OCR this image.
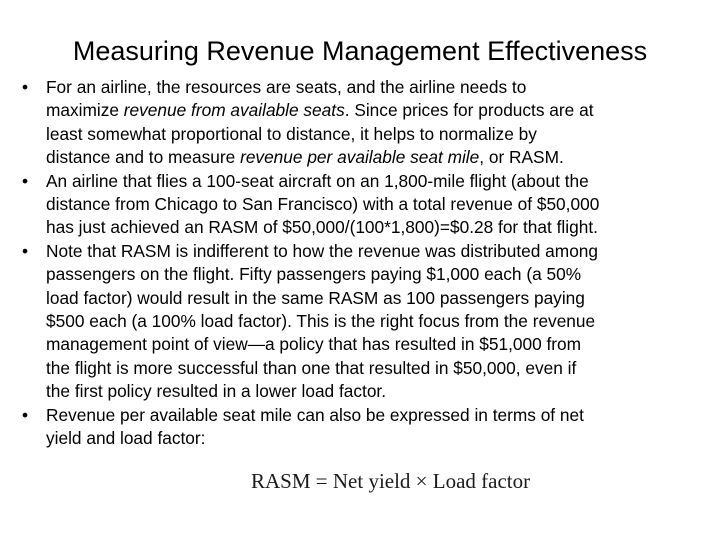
Measuring Revenue Management Effectiveness
• For an airline, the resources are seats, and the airline needs to
maximize revenue from available seats. Since prices for products are at
least somewhat proportional to distance, it helps to normalize by
distance and to measure revenue per available seat mile, or RASM.
• An airline that flies a 100-seat aircraft on an 1,800-mile flight (about the
distance from Chicago to San Francisco) with a total revenue of $50,000
has just achieved an RASM of $50,000/(100*1,800)=$0.28 for that flight.
• Note that RASM is indifferent to how the revenue was distributed among
passengers on the flight. Fifty passengers paying $1,000 each (a 50%
load factor) would result in the same RASM as 100 passengers paying
$500 each (a 100% load factor). This is the right focus from the revenue
management point of view—a policy that has resulted in $51,000 from
the flight is more successful than one that resulted in $50,000, even if
the first policy resulted in a lower load factor.
• Revenue per available seat mile can also be expressed in terms of net
yield and load factor:
RASM = Net yield × Load factor
